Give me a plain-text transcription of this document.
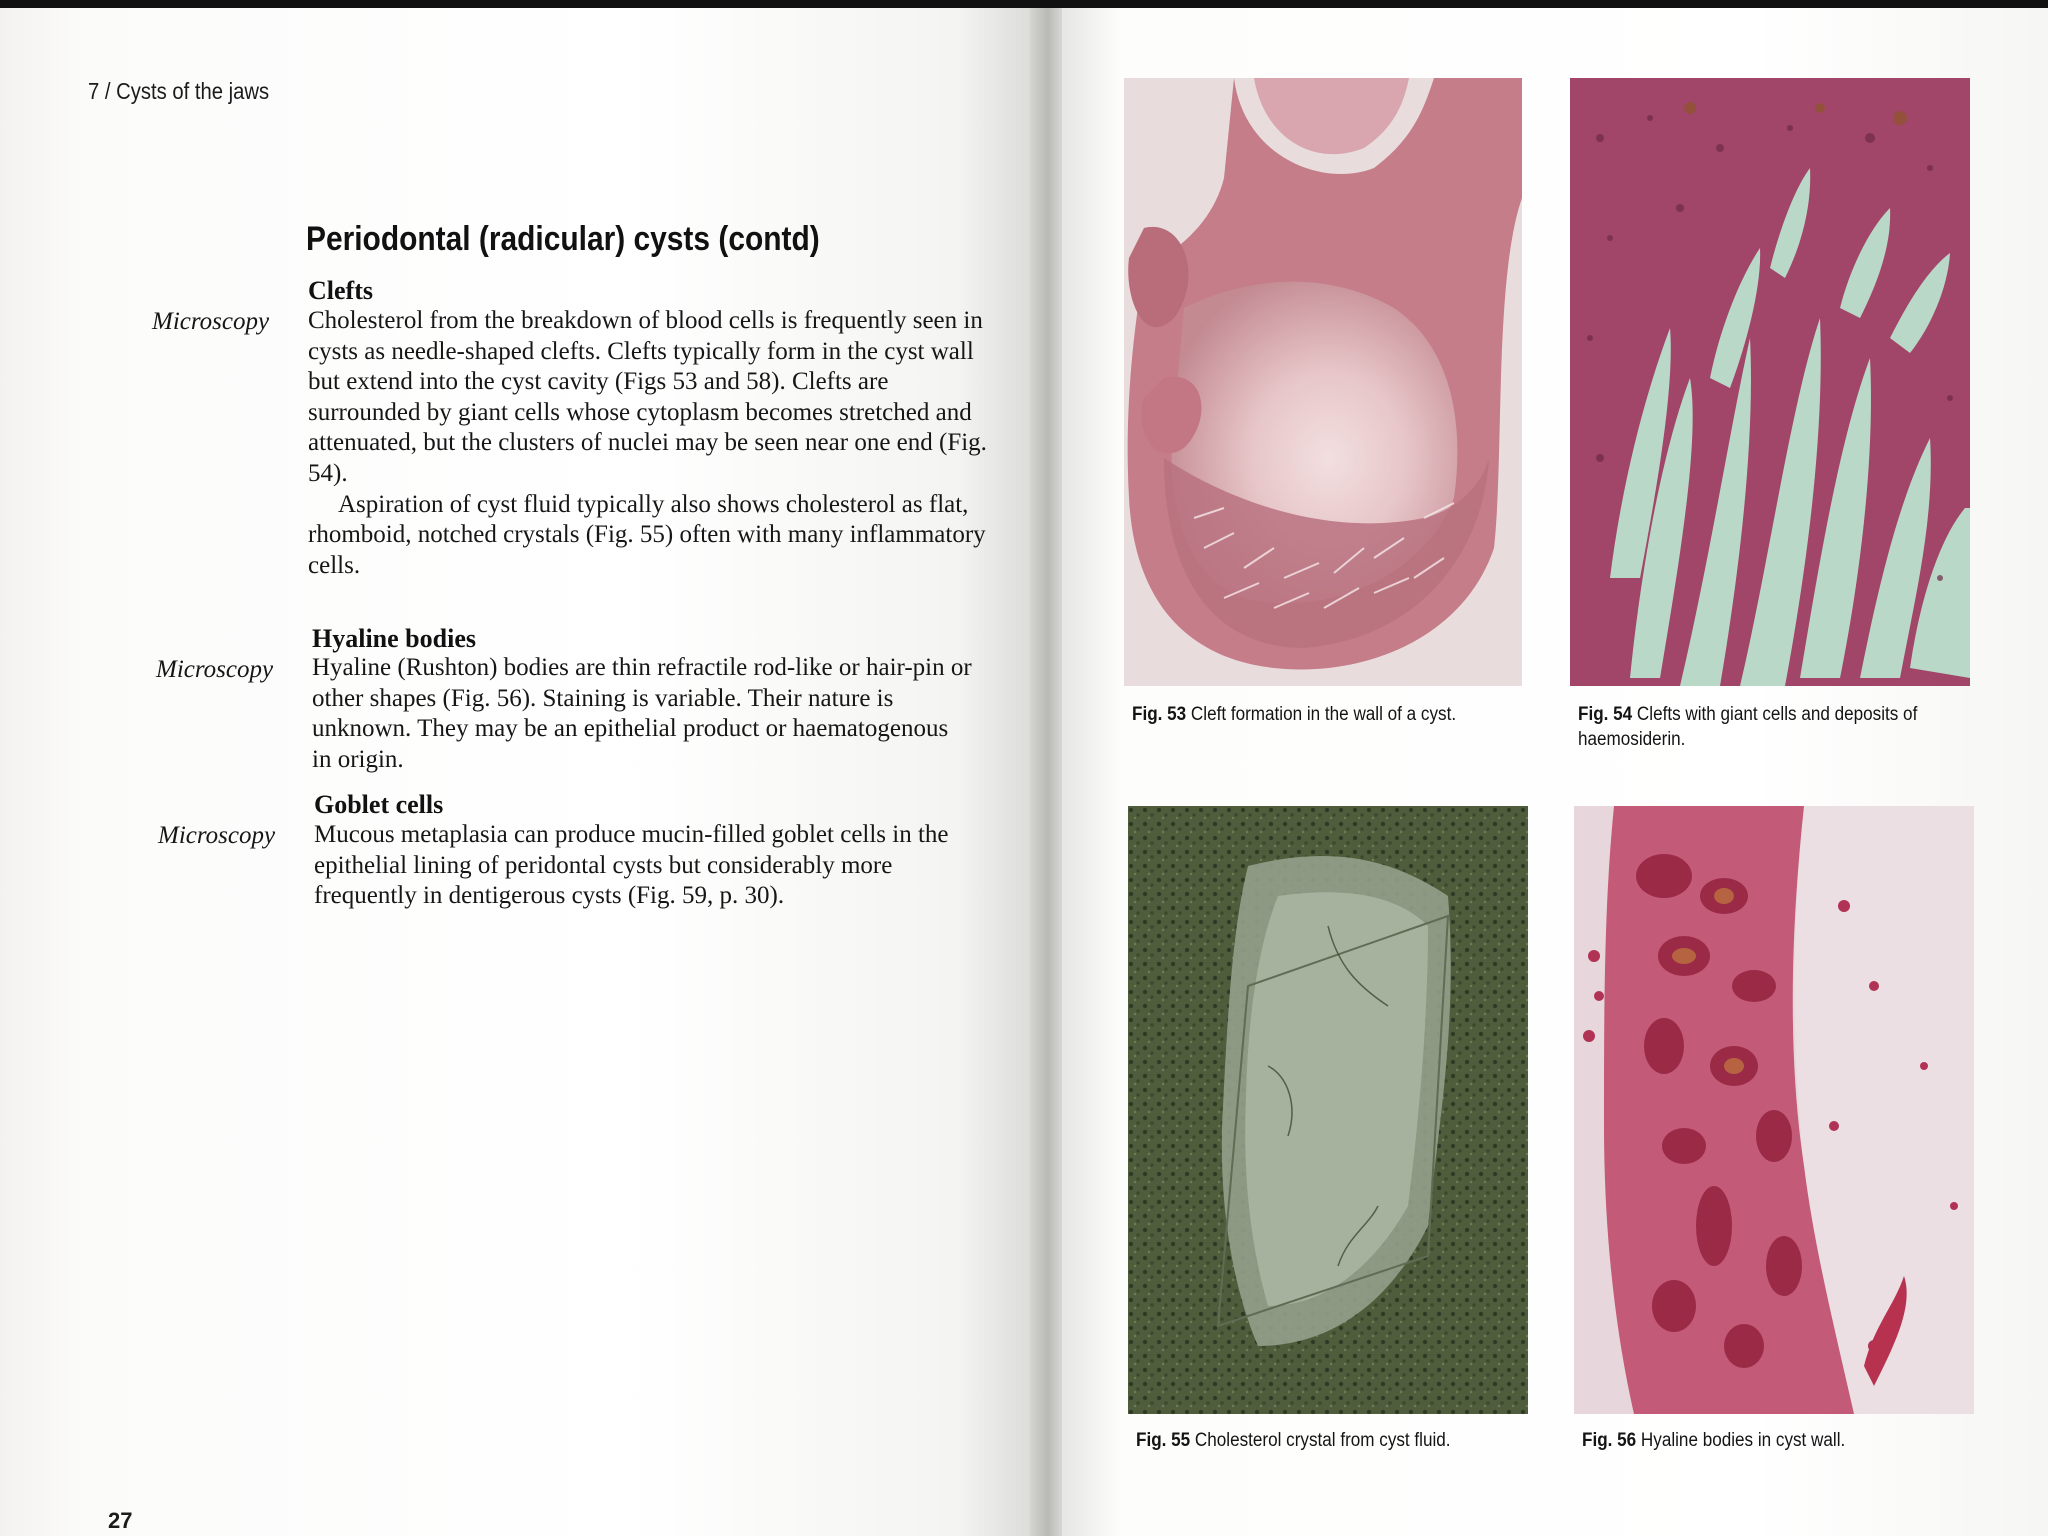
7 / Cysts of the jaws
27
Periodontal (radicular) cysts (contd)
Clefts
Microscopy Cholesterol from the breakdown of blood cells is frequently seen in cysts as needle-shaped clefts. Clefts typically form in the cyst wall but extend into the cyst cavity (Figs 53 and 58). Clefts are surrounded by giant cells whose cytoplasm becomes stretched and attenuated, but the clusters of nuclei may be seen near one end (Fig. 54).

Aspiration of cyst fluid typically also shows cholesterol as flat, rhomboid, notched crystals (Fig. 55) often with many inflammatory cells.

Hyaline bodies
Microscopy Hyaline (Rushton) bodies are thin refractile rod-like or hair-pin or other shapes (Fig. 56). Staining is variable. Their nature is unknown. They may be an epithelial product or haematogenous in origin.

Goblet cells
Microscopy Mucous metaplasia can produce mucin-filled goblet cells in the epithelial lining of peridontal cysts but considerably more frequently in dentigerous cysts (Fig. 59, p. 30).

Fig. 53 Cleft formation in the wall of a cyst.	Fig. 54 Clefts with giant cells and deposits of haemosiderin.
Fig. 55 Cholesterol crystal from cyst fluid.	Fig. 56 Hyaline bodies in cyst wall.
